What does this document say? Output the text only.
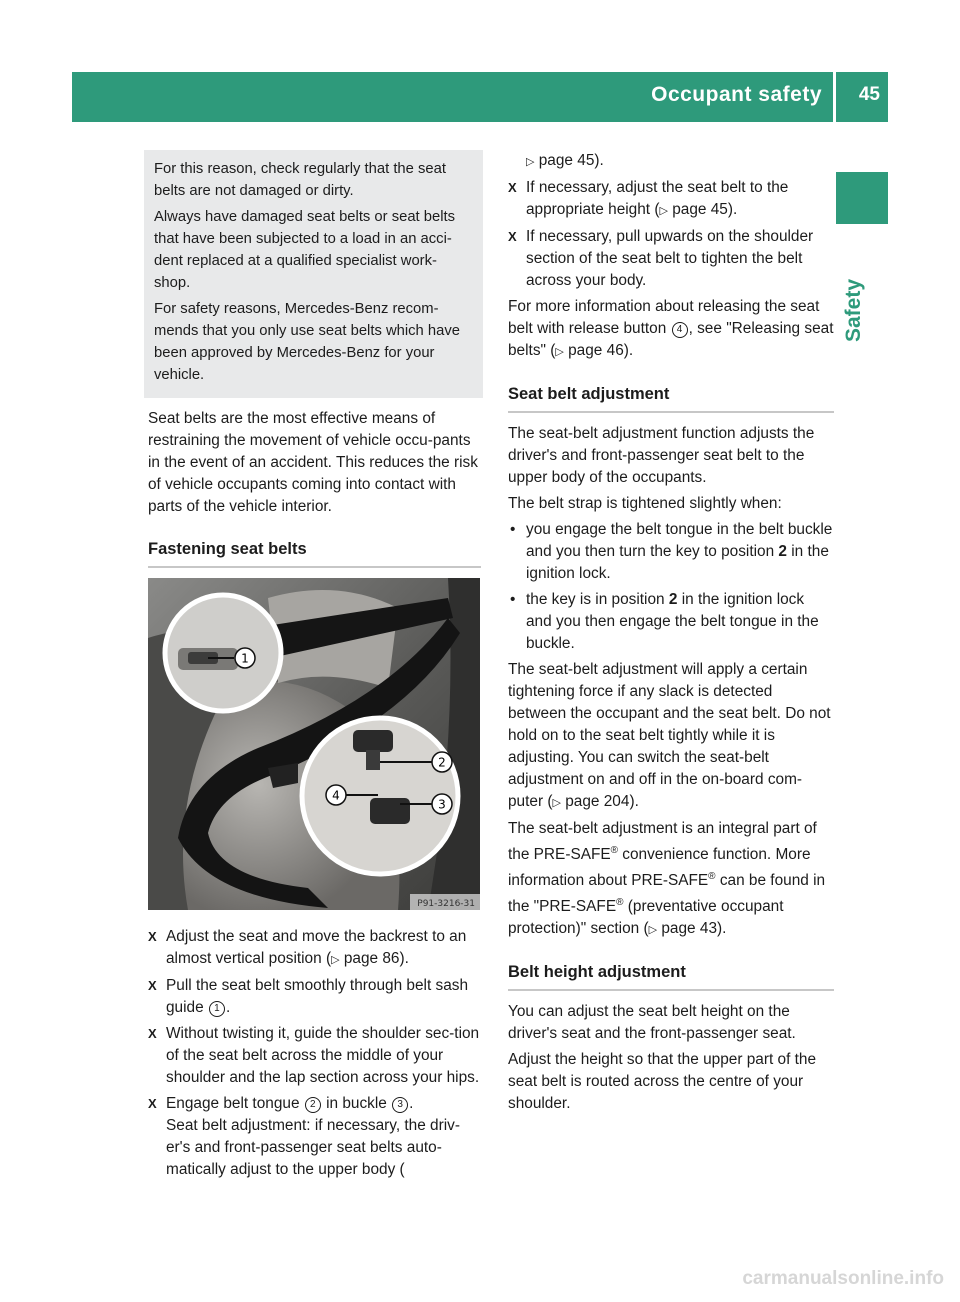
Occupant safety 45
Safety

For this reason, check regularly that the seat belts are not damaged or dirty.

Always have damaged seat belts or seat belts that have been subjected to a load in an acci-dent replaced at a qualified specialist work-shop.

For safety reasons, Mercedes-Benz recom-mends that you only use seat belts which have been approved by Mercedes-Benz for your vehicle.

Seat belts are the most effective means of restraining the movement of vehicle occu-pants in the event of an accident. This reduces the risk of vehicle occupants coming into contact with parts of the vehicle interior.

Fastening seat belts
1
2
3
4
P91-3216-31
X Adjust the seat and move the backrest to an almost vertical position (▷ page 86).
X Pull the seat belt smoothly through belt sash guide 1 .
X Without twisting it, guide the shoulder sec-tion of the seat belt across the middle of your shoulder and the lap section across your hips.
X Engage belt tongue 2 in buckle 3 .
Seat belt adjustment: if necessary, the driv-er's and front-passenger seat belts auto-matically adjust to the upper body (
▷ page 45).
X If necessary, adjust the seat belt to the appropriate height (▷ page 45).
X If necessary, pull upwards on the shoulder section of the seat belt to tighten the belt across your body.

For more information about releasing the seat belt with release button 4 , see "Releasing seat belts" (▷ page 46).

Seat belt adjustment

The seat-belt adjustment function adjusts the driver's and front-passenger seat belt to the upper body of the occupants.

The belt strap is tightened slightly when:

• you engage the belt tongue in the belt buckle and you then turn the key to position 2 in the ignition lock.
• the key is in position 2 in the ignition lock and you then engage the belt tongue in the buckle.

The seat-belt adjustment will apply a certain tightening force if any slack is detected between the occupant and the seat belt. Do not hold on to the seat belt tightly while it is adjusting. You can switch the seat-belt adjustment on and off in the on-board com-puter (▷ page 204).

The seat-belt adjustment is an integral part of the PRE-SAFE® convenience function. More information about PRE-SAFE® can be found in the "PRE-SAFE® (preventative occupant protection)" section (▷ page 43).

Belt height adjustment

You can adjust the seat belt height on the driver's seat and the front-passenger seat.

Adjust the height so that the upper part of the seat belt is routed across the centre of your shoulder.

carmanualsonline.info
